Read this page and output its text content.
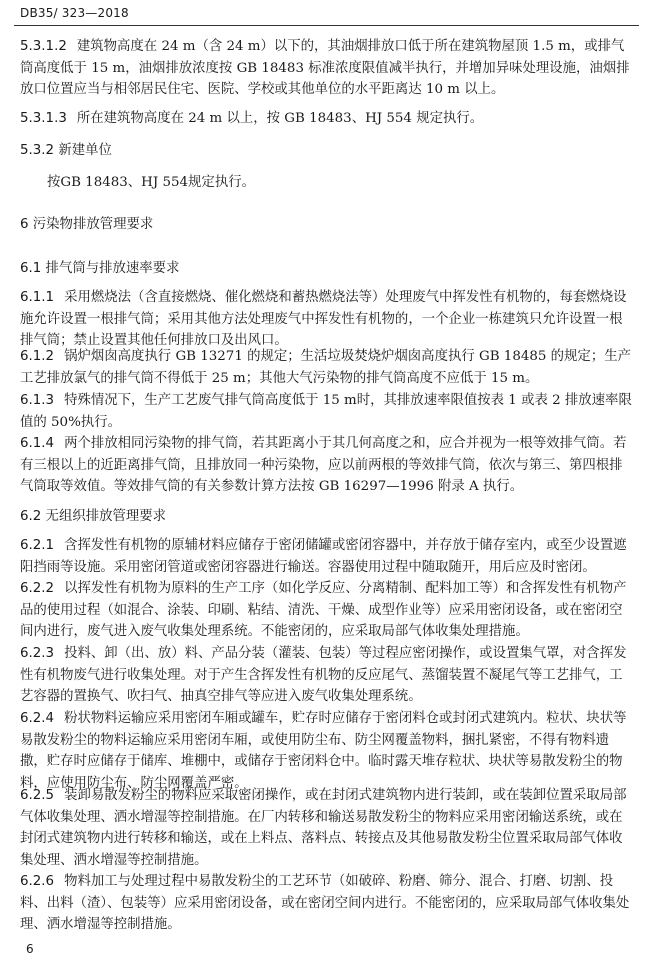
DB35/ 323—2018

5.3.1.2 建筑物高度在 24 m（含 24 m）以下的，其油烟排放口低于所在建筑物屋顶 1.5 m，或排气筒高度低于 15 m，油烟排放浓度按 GB 18483 标准浓度限值减半执行，并增加异味处理设施，油烟排放口位置应当与相邻居民住宅、医院、学校或其他单位的水平距离达 10 m 以上。

5.3.1.3 所在建筑物高度在 24 m 以上，按 GB 18483、HJ 554 规定执行。

5.3.2 新建单位

按GB 18483、HJ 554规定执行。

6 污染物排放管理要求

6.1 排气筒与排放速率要求

6.1.1 采用燃烧法（含直接燃烧、催化燃烧和蓄热燃烧法等）处理废气中挥发性有机物的，每套燃烧设施允许设置一根排气筒；采用其他方法处理废气中挥发性有机物的，一个企业一栋建筑只允许设置一根排气筒；禁止设置其他任何排放口及出风口。

6.1.2 锅炉烟囱高度执行 GB 13271 的规定；生活垃圾焚烧炉烟囱高度执行 GB 18485 的规定；生产工艺排放氯气的排气筒不得低于 25 m；其他大气污染物的排气筒高度不应低于 15 m。

6.1.3 特殊情况下，生产工艺废气排气筒高度低于 15 m时，其排放速率限值按表 1 或表 2 排放速率限值的 50%执行。

6.1.4 两个排放相同污染物的排气筒，若其距离小于其几何高度之和，应合并视为一根等效排气筒。若有三根以上的近距离排气筒，且排放同一种污染物，应以前两根的等效排气筒，依次与第三、第四根排气筒取等效值。等效排气筒的有关参数计算方法按 GB 16297—1996 附录 A 执行。

6.2 无组织排放管理要求

6.2.1 含挥发性有机物的原辅材料应储存于密闭储罐或密闭容器中，并存放于储存室内，或至少设置遮阳挡雨等设施。采用密闭管道或密闭容器进行输送。容器使用过程中随取随开，用后应及时密闭。

6.2.2 以挥发性有机物为原料的生产工序（如化学反应、分离精制、配料加工等）和含挥发性有机物产品的使用过程（如混合、涂装、印刷、粘结、清洗、干燥、成型作业等）应采用密闭设备，或在密闭空间内进行，废气进入废气收集处理系统。不能密闭的，应采取局部气体收集处理措施。

6.2.3 投料、卸（出、放）料、产品分装（灌装、包装）等过程应密闭操作，或设置集气罩，对含挥发性有机物废气进行收集处理。对于产生含挥发性有机物的反应尾气、蒸馏装置不凝尾气等工艺排气，工艺容器的置换气、吹扫气、抽真空排气等应进入废气收集处理系统。

6.2.4 粉状物料运输应采用密闭车厢或罐车，贮存时应储存于密闭料仓或封闭式建筑内。粒状、块状等易散发粉尘的物料运输应采用密闭车厢，或使用防尘布、防尘网覆盖物料，捆扎紧密，不得有物料遗撒，贮存时应储存于储库、堆棚中，或储存于密闭料仓中。临时露天堆存粒状、块状等易散发粉尘的物料，应使用防尘布、防尘网覆盖严密。

6.2.5 装卸易散发粉尘的物料应采取密闭操作，或在封闭式建筑物内进行装卸，或在装卸位置采取局部气体收集处理、洒水增湿等控制措施。在厂内转移和输送易散发粉尘的物料应采用密闭输送系统，或在封闭式建筑物内进行转移和输送，或在上料点、落料点、转接点及其他易散发粉尘位置采取局部气体收集处理、洒水增湿等控制措施。

6.2.6 物料加工与处理过程中易散发粉尘的工艺环节（如破碎、粉磨、筛分、混合、打磨、切割、投料、出料（渣）、包装等）应采用密闭设备，或在密闭空间内进行。不能密闭的，应采取局部气体收集处理、洒水增湿等控制措施。

6
